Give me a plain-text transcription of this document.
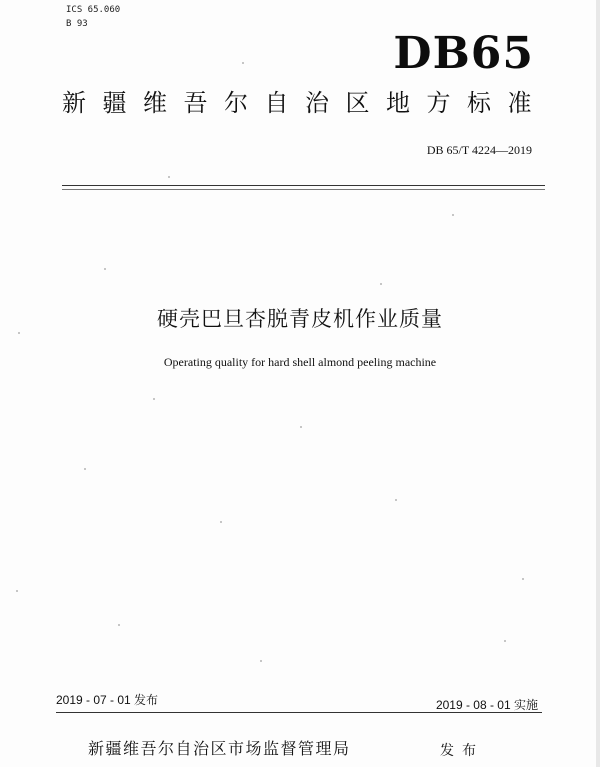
ICS 65.060
B 93
DB65
新疆维吾尔自治区地方标准
DB 65/T 4224—2019
硬壳巴旦杏脱青皮机作业质量
Operating quality for hard shell almond peeling machine
2019 - 07 - 01 发布	2019 - 08 - 01 实施
新疆维吾尔自治区市场监督管理局	发布
